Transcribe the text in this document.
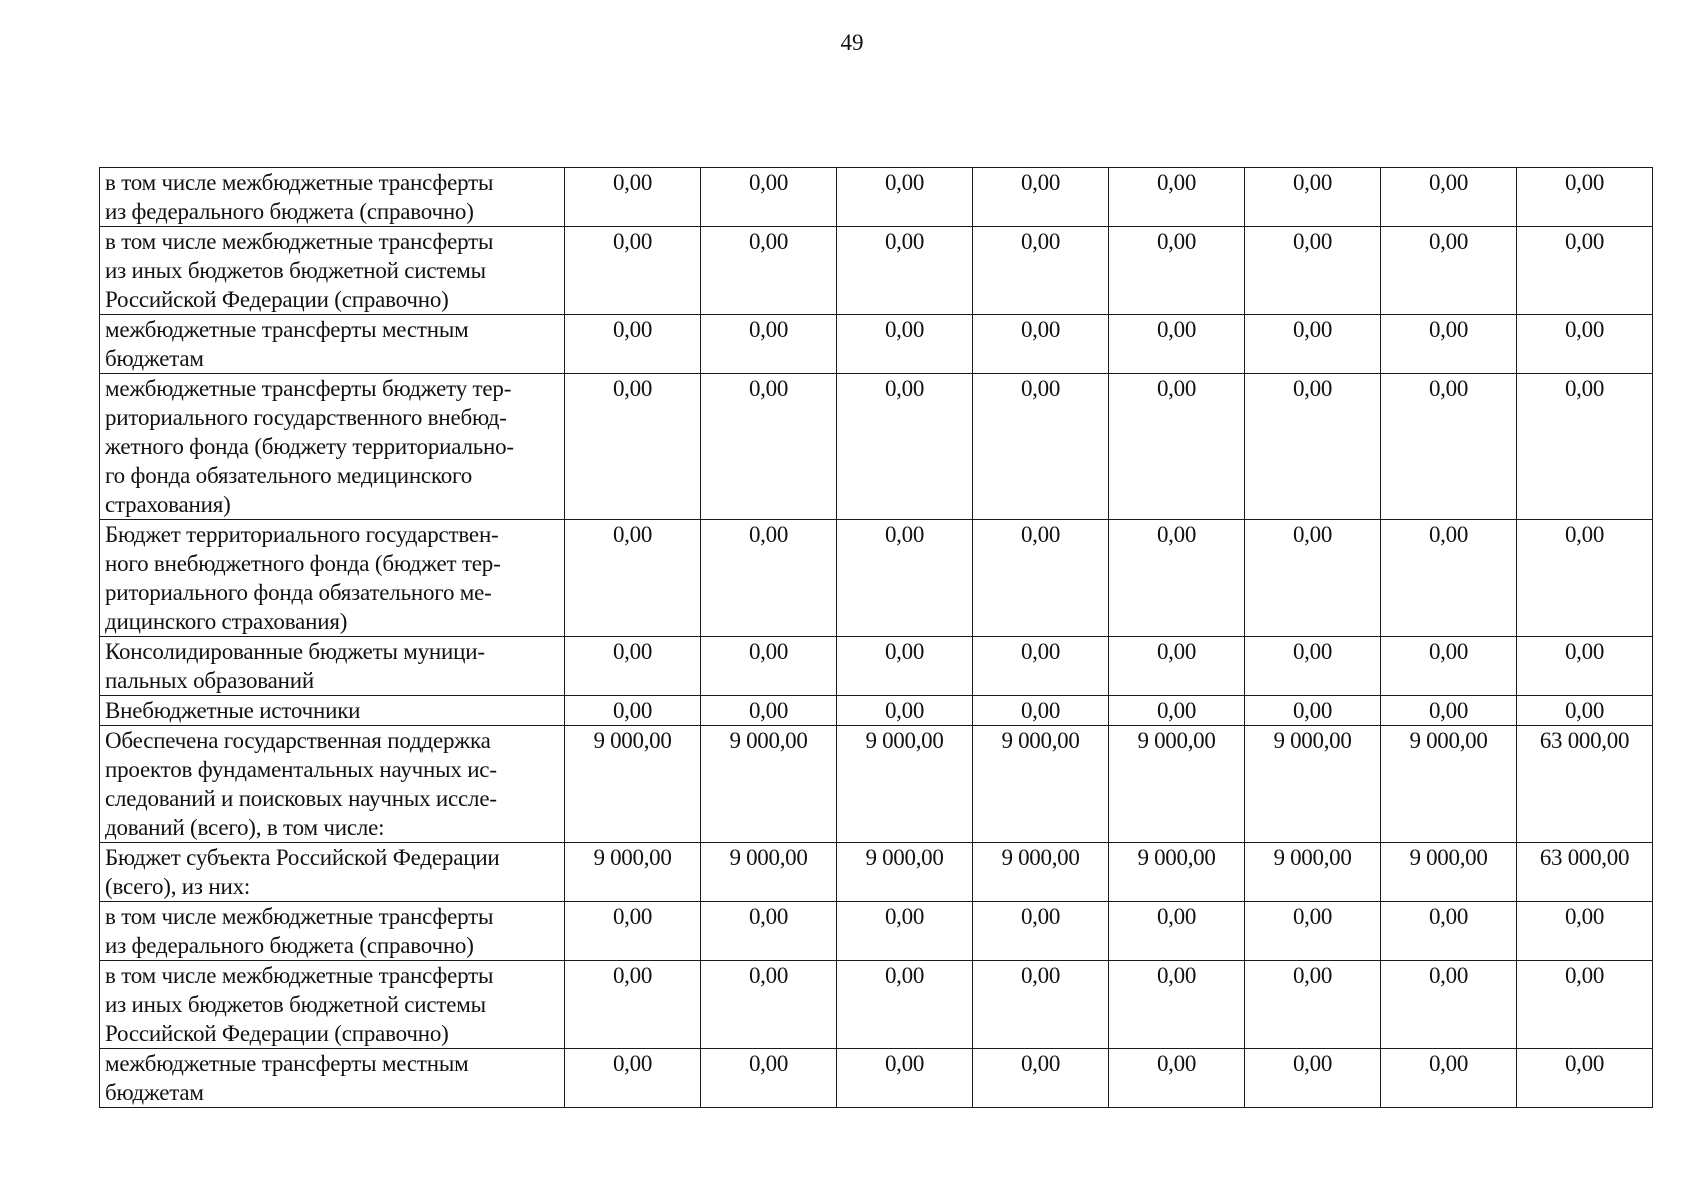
49
в том числе межбюджетные трансферты
из федерального бюджета (справочно)	0,00	0,00	0,00	0,00	0,00	0,00	0,00	0,00

в том числе межбюджетные трансферты
из иных бюджетов бюджетной системы
Российской Федерации (справочно)	0,00	0,00	0,00	0,00	0,00	0,00	0,00	0,00

межбюджетные трансферты местным
бюджетам	0,00	0,00	0,00	0,00	0,00	0,00	0,00	0,00

межбюджетные трансферты бюджету тер-
риториального государственного внебюд-
жетного фонда (бюджету территориально-
го фонда обязательного медицинского
страхования)	0,00	0,00	0,00	0,00	0,00	0,00	0,00	0,00

Бюджет территориального государствен-
ного внебюджетного фонда (бюджет тер-
риториального фонда обязательного ме-
дицинского страхования)	0,00	0,00	0,00	0,00	0,00	0,00	0,00	0,00

Консолидированные бюджеты муници-
пальных образований	0,00	0,00	0,00	0,00	0,00	0,00	0,00	0,00

Внебюджетные источники	0,00	0,00	0,00	0,00	0,00	0,00	0,00	0,00

Обеспечена государственная поддержка
проектов фундаментальных научных ис-
следований и поисковых научных иссле-
дований (всего), в том числе:	9 000,00	9 000,00	9 000,00	9 000,00	9 000,00	9 000,00	9 000,00	63 000,00

Бюджет субъекта Российской Федерации
(всего), из них:	9 000,00	9 000,00	9 000,00	9 000,00	9 000,00	9 000,00	9 000,00	63 000,00

в том числе межбюджетные трансферты
из федерального бюджета (справочно)	0,00	0,00	0,00	0,00	0,00	0,00	0,00	0,00

в том числе межбюджетные трансферты
из иных бюджетов бюджетной системы
Российской Федерации (справочно)	0,00	0,00	0,00	0,00	0,00	0,00	0,00	0,00

межбюджетные трансферты местным
бюджетам	0,00	0,00	0,00	0,00	0,00	0,00	0,00	0,00
